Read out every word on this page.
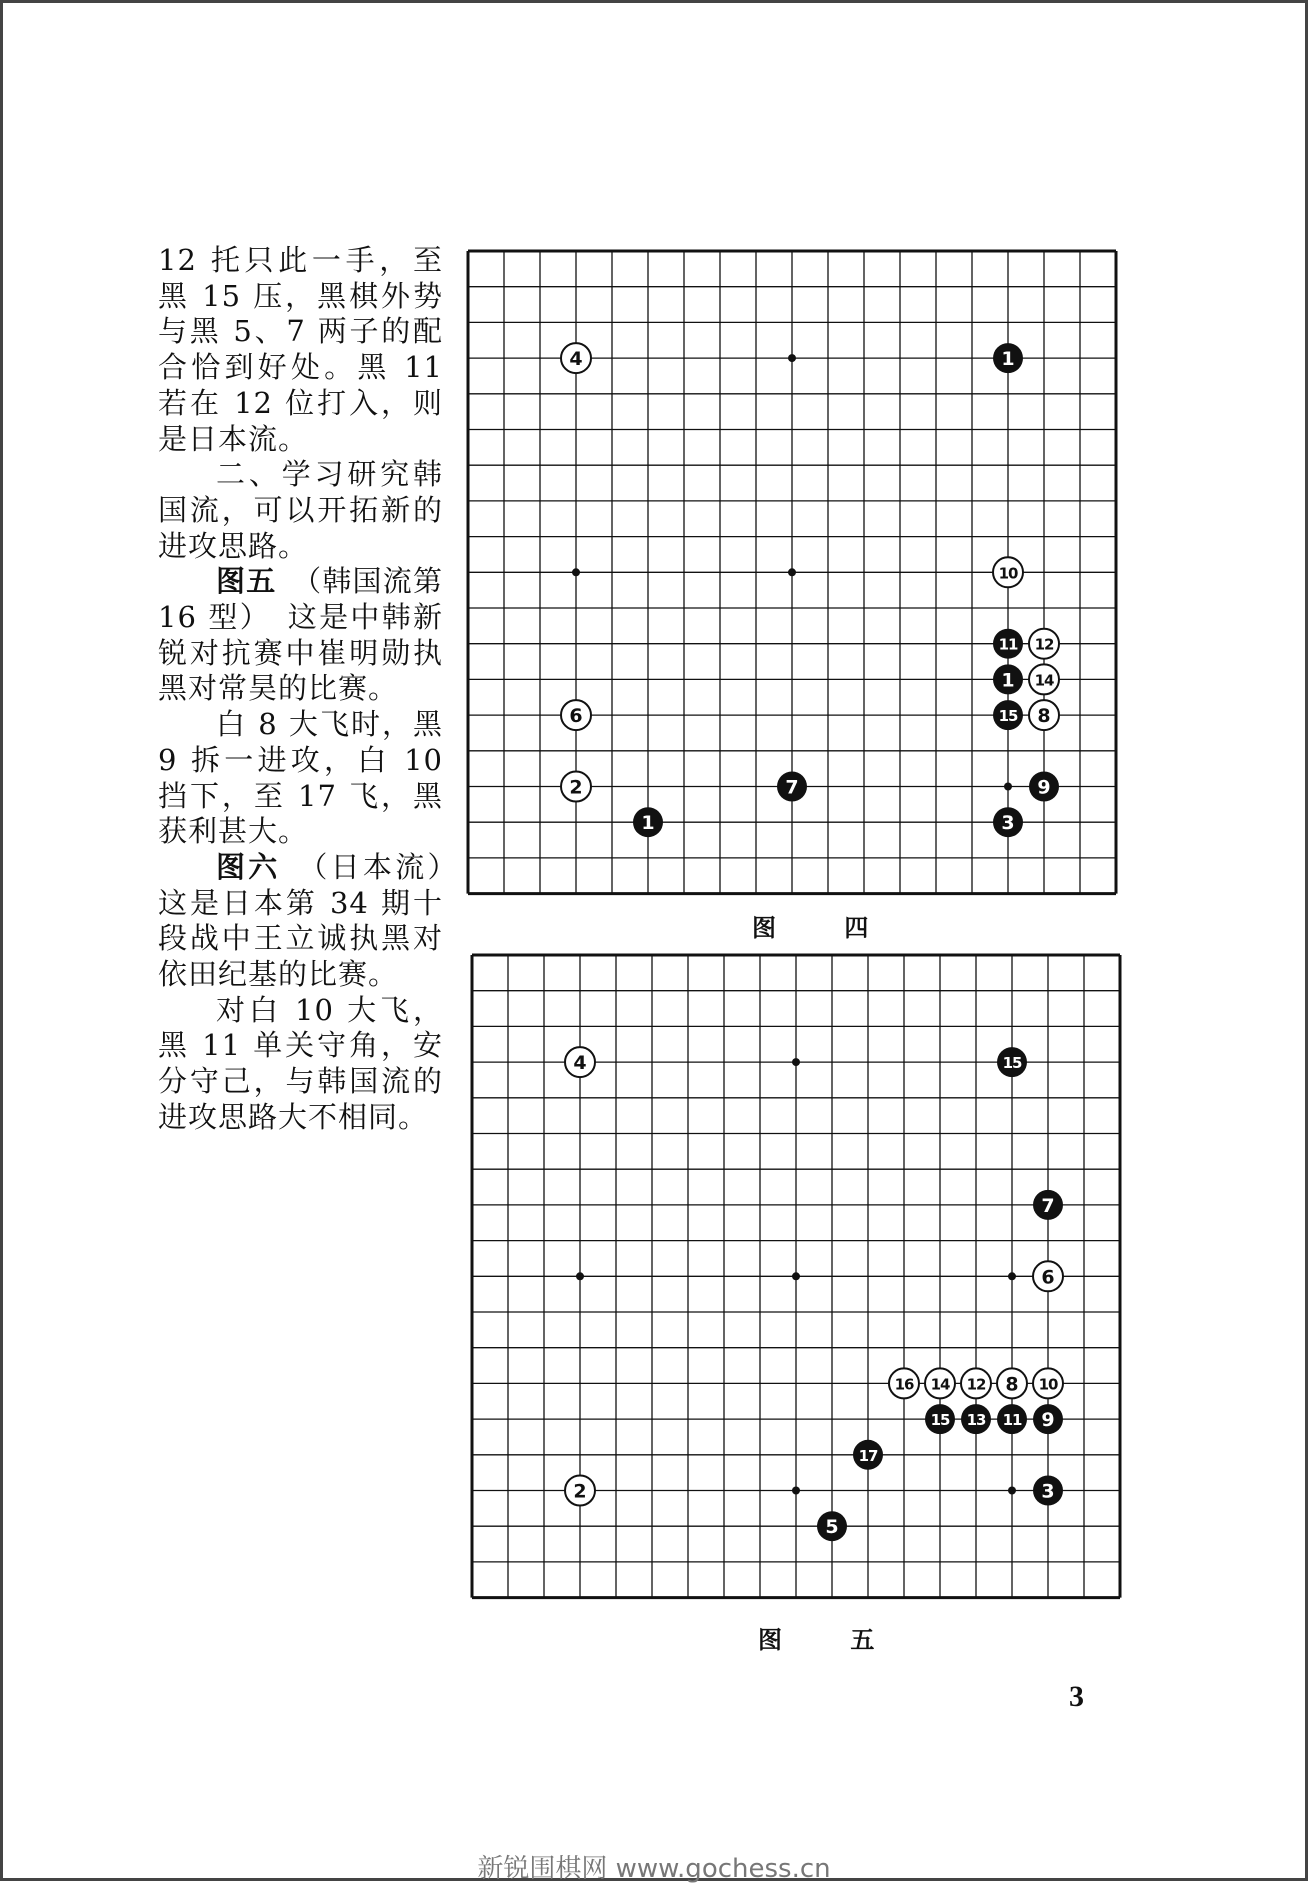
12 托只此一手，至黑 15 压，黑棋外势与黑 5、7 两子的配合恰到好处。黑 11 若在 12 位打入，则是日本流。

二、学习研究韩国流，可以开拓新的进攻思路。

图五　（韩国流第 16 型）　这是中韩新锐对抗赛中崔明勋执黑对常昊的比赛。

白 8 大飞时，黑 9 拆一进攻，白 10 挡下，至 17 飞，黑获利甚大。

图六　（日本流）　这是日本第 34 期十段战中王立诚执黑对依田纪基的比赛。

对白 10 大飞，黑 11 单关守角，安分守己，与韩国流的进攻思路大不相同。

4	1
10
11 12
1 14
6	15 8
2	7	9
1	3
图 四
4	15
7
6
16 14 12 8 10
15 13 11 9
17
2	3
5
图 五
3
新锐围棋网 www.gochess.cn
